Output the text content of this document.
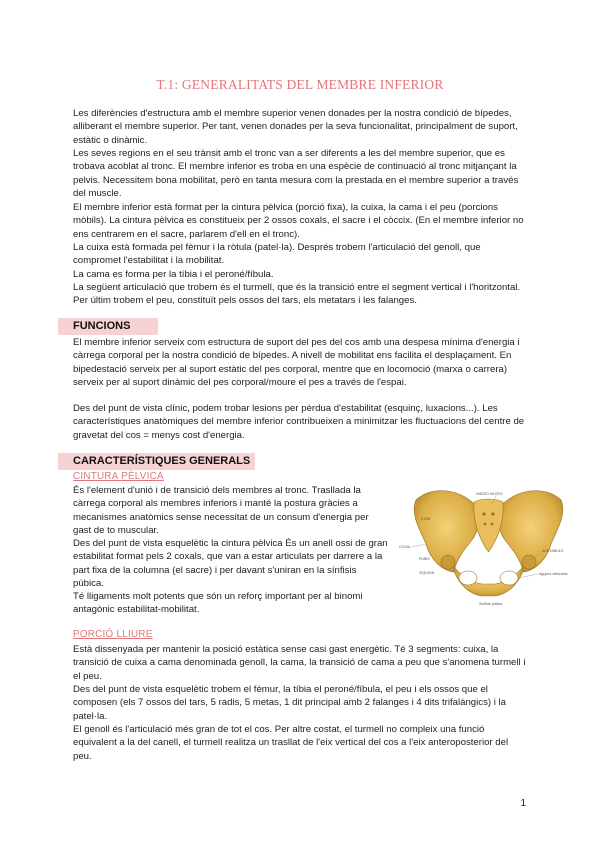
T.1: GENERALITATS DEL MEMBRE INFERIOR

Les diferències d'estructura amb el membre superior venen donades per la nostra condició de bípedes, alliberant el membre superior. Per tant, venen donades per la seva funcionalitat, principalment de suport, estàtic o dinàmic.

Les seves regions en el seu trànsit amb el tronc van a ser diferents a les del membre superior, que es trobava acoblat al tronc. El membre inferior es troba en una espècie de continuació al tronc mitjançant la pelvis. Necessitem bona mobilitat, però en tanta mesura com la prestada en el membre superior a través del muscle.

El membre inferior està format per la cintura pèlvica (porció fixa), la cuixa, la cama i el peu (porcions mòbils). La cintura pèlvica es constitueix per 2 ossos coxals, el sacre i el còccix. (En el membre inferior no ens centrarem en el sacre, parlarem d'ell en el tronc).

La cuixa està formada pel fèmur i la ròtula (patel·la). Després trobem l'articulació del genoll, que compromet l'estabilitat i la mobilitat.

La cama es forma per la tíbia i el peroné/fíbula.

La següent articulació que trobem és el turmell, que és la transició entre el segment vertical i l'horitzontal. Per últim trobem el peu, constituït pels ossos del tars, els metatars i les falanges.

FUNCIONS

El membre inferior serveix com estructura de suport del pes del cos amb una despesa mínima d'energia i càrrega corporal per la nostra condició de bípedes. A nivell de mobilitat ens facilita el desplaçament. En bipedestació serveix per al suport estàtic del pes corporal, mentre que en locomoció (marxa o carrera) serveix per al suport dinàmic del pes corporal/moure el pes a través de l'espai.

Des del punt de vista clínic, podem trobar lesions per pèrdua d'estabilitat (esquinç, luxacions...). Les característiques anatòmiques del membre inferior contribueixen a minimitzar les fluctuacions del centre de gravetat del cos = menys cost d'energia.

CARACTERÍSTIQUES GENERALS
CINTURA PÈLVICA

És l'element d'unió i de transició dels membres al tronc. Trasllada la càrrega corporal als membres inferiors i manté la postura gràcies a mecanismes anatòmics sense necessitat de un consum d'energia per gast de to muscular.

Des del punt de vista esquelètic la cintura pèlvica És un anell ossi de gran estabilitat format pels 2 coxals, que van a estar articulats per darrere a la part fixa de la columna (el sacre) i per davant s'uniran en la sínfisis púbica.

Té lligaments molt potents que són un reforç important per al binomi antagònic estabilitat-mobilitat.

HUESO SACRO
COXAL
ILION
PUBIS
ISQUION
ACETABULO
Agujero obturador
Sínfisis púbica
PORCIÓ LLIURE

Està dissenyada per mantenir la posició estàtica sense casi gast energètic. Té 3 segments: cuixa, la transició de cuixa a cama denominada genoll, la cama, la transició de cama a peu que s'anomena turmell i el peu.

Des del punt de vista esquelètic trobem el fèmur, la tíbia el peroné/fíbula, el peu i els ossos que el composen (els 7 ossos del tars, 5 radis, 5 metas, 1 dit principal amb 2 falanges i 4 dits trifalàngics) i la patel·la.

El genoll és l'articulació més gran de tot el cos. Per altre costat, el turmell no compleix una funció equivalent a la del canell, el turmell realitza un trasllat de l'eix vertical del cos a l'eix anteroposterior del peu.

1
